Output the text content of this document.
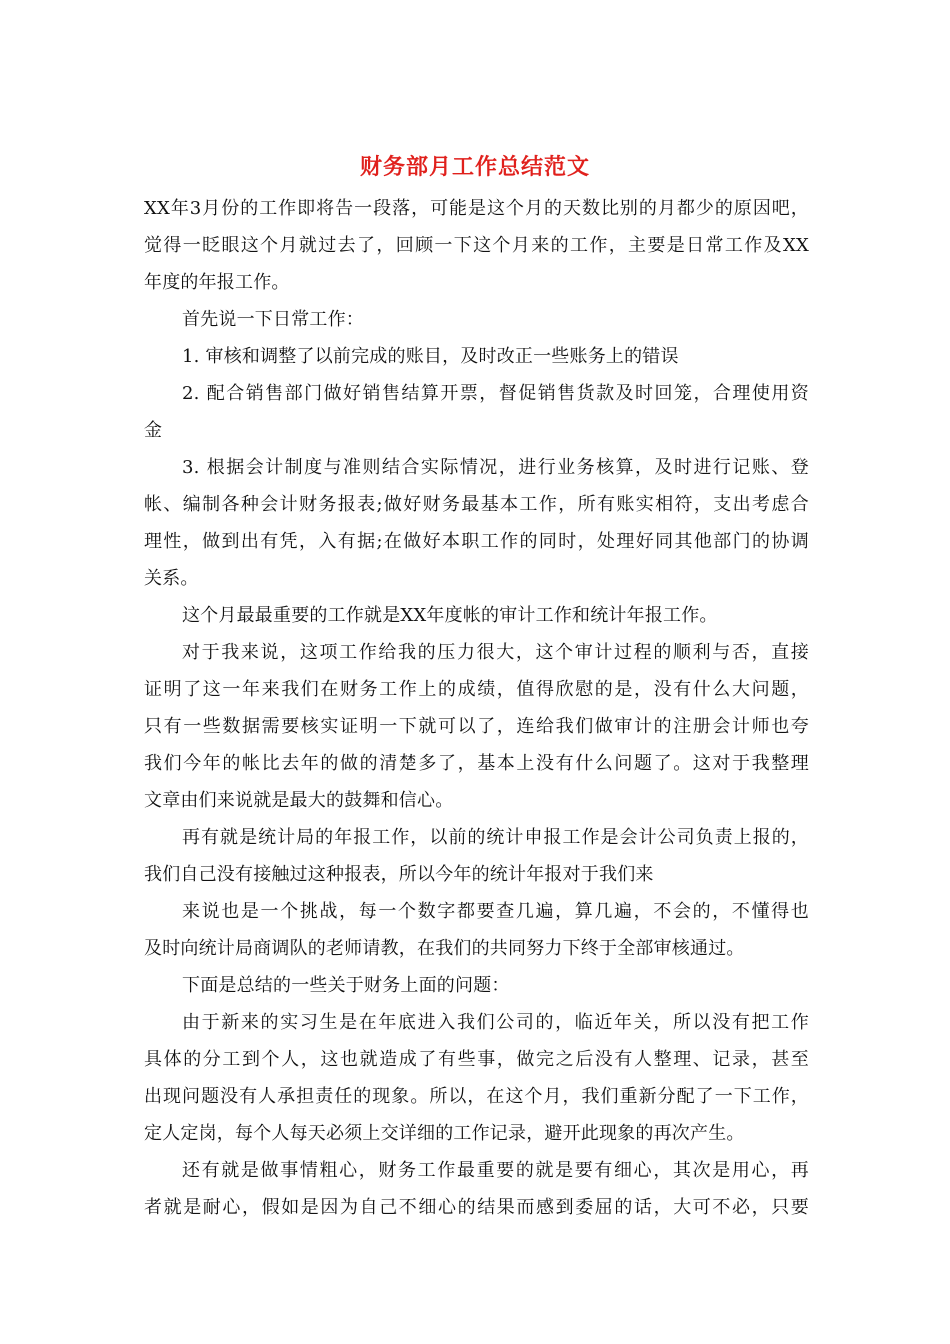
财务部月工作总结范文

XX年3月份的工作即将告一段落，可能是这个月的天数比别的月都少的原因吧，

觉得一眨眼这个月就过去了，回顾一下这个月来的工作，主要是日常工作及XX

年度的年报工作。

首先说一下日常工作：

1. 审核和调整了以前完成的账目，及时改正一些账务上的错误

2. 配合销售部门做好销售结算开票，督促销售货款及时回笼，合理使用资

金

3. 根据会计制度与准则结合实际情况，进行业务核算，及时进行记账、登

帐、编制各种会计财务报表;做好财务最基本工作，所有账实相符，支出考虑合

理性，做到出有凭，入有据;在做好本职工作的同时，处理好同其他部门的协调

关系。

这个月最最重要的工作就是XX年度帐的审计工作和统计年报工作。

对于我来说，这项工作给我的压力很大，这个审计过程的顺利与否，直接

证明了这一年来我们在财务工作上的成绩，值得欣慰的是，没有什么大问题，

只有一些数据需要核实证明一下就可以了，连给我们做审计的注册会计师也夸

我们今年的帐比去年的做的清楚多了，基本上没有什么问题了。这对于我整理

文章由们来说就是最大的鼓舞和信心。

再有就是统计局的年报工作，以前的统计申报工作是会计公司负责上报的，

我们自己没有接触过这种报表，所以今年的统计年报对于我们来

来说也是一个挑战，每一个数字都要查几遍，算几遍，不会的，不懂得也

及时向统计局商调队的老师请教，在我们的共同努力下终于全部审核通过。

下面是总结的一些关于财务上面的问题：

由于新来的实习生是在年底进入我们公司的，临近年关，所以没有把工作

具体的分工到个人，这也就造成了有些事，做完之后没有人整理、记录，甚至

出现问题没有人承担责任的现象。所以，在这个月，我们重新分配了一下工作，

定人定岗，每个人每天必须上交详细的工作记录，避开此现象的再次产生。

还有就是做事情粗心，财务工作最重要的就是要有细心，其次是用心，再

者就是耐心，假如是因为自己不细心的结果而感到委屈的话，大可不必，只要
